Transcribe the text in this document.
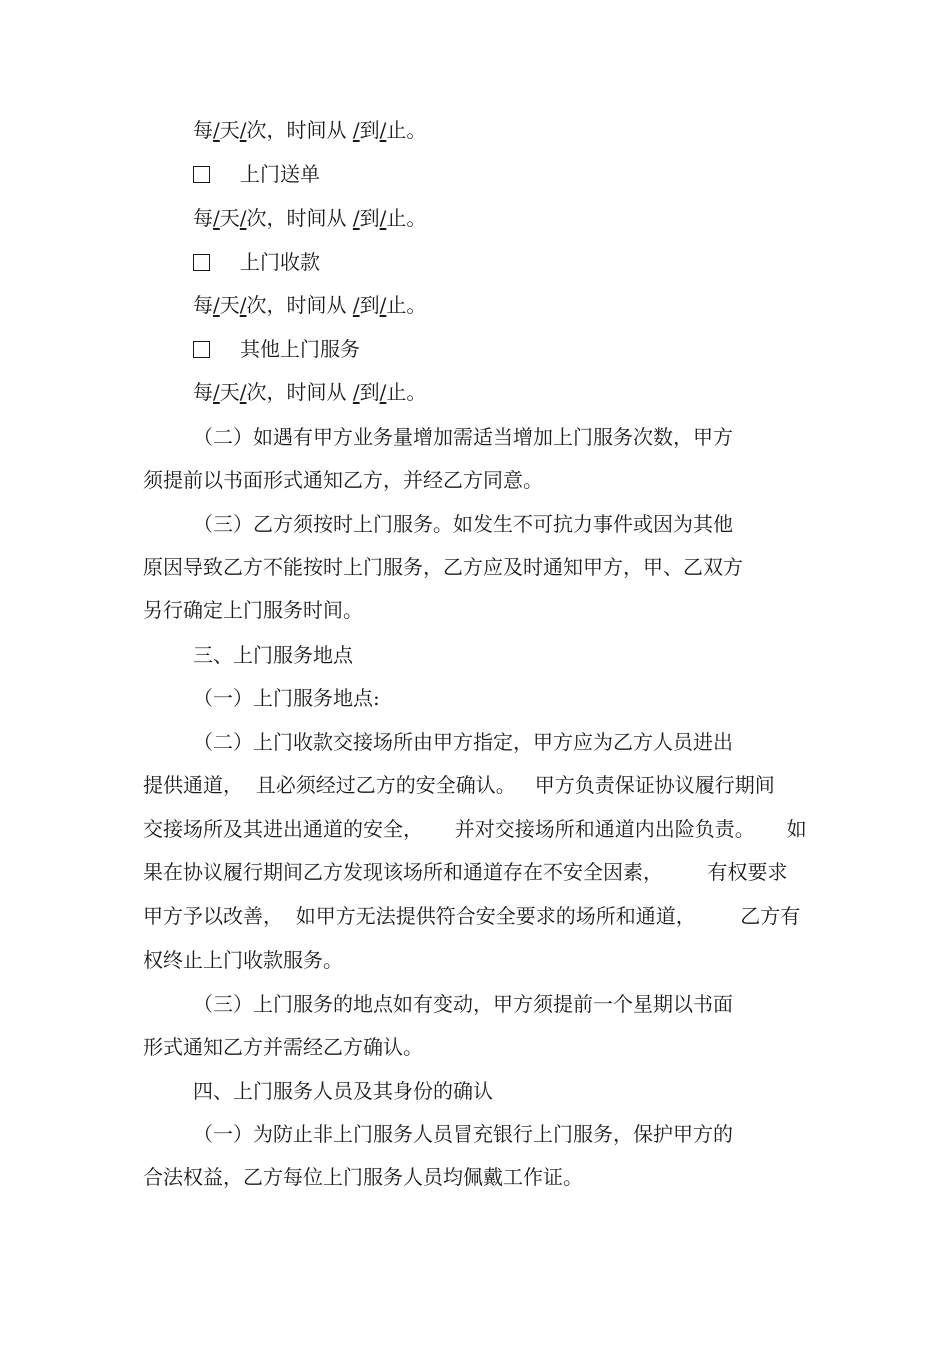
每/天/次，时间从 /到/止。
上门送单
每/天/次，时间从 /到/止。
上门收款
每/天/次，时间从 /到/止。
其他上门服务
每/天/次，时间从 /到/止。
（二）如遇有甲方业务量增加需适当增加上门服务次数，甲方
须提前以书面形式通知乙方，并经乙方同意。
（三）乙方须按时上门服务。如发生不可抗力事件或因为其他
原因导致乙方不能按时上门服务，乙方应及时通知甲方，甲、乙双方
另行确定上门服务时间。
三、上门服务地点
（一）上门服务地点:
（二）上门收款交接场所由甲方指定，甲方应为乙方人员进出
提供通道，  且必须经过乙方的安全确认。   甲方负责保证协议履行期间
交接场所及其进出通道的安全，     并对交接场所和通道内出险负责。     如
果在协议履行期间乙方发现该场所和通道存在不安全因素，       有权要求
甲方予以改善，  如甲方无法提供符合安全要求的场所和通道，       乙方有
权终止上门收款服务。
（三）上门服务的地点如有变动，甲方须提前一个星期以书面
形式通知乙方并需经乙方确认。
四、上门服务人员及其身份的确认
（一）为防止非上门服务人员冒充银行上门服务，保护甲方的
合法权益，乙方每位上门服务人员均佩戴工作证。
